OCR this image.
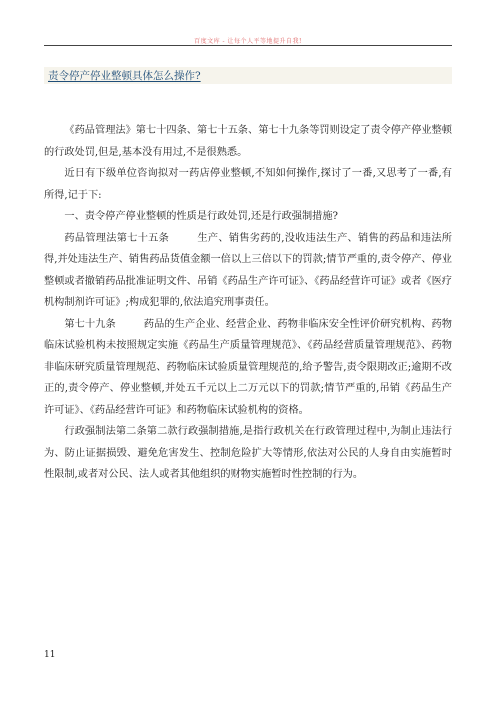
百度文库 - 让每个人平等地提升自我!
责令停产停业整顿具体怎么操作?

《药品管理法》第七十四条、第七十五条、第七十九条等罚则设定了责令停产停业整顿的行政处罚,但是,基本没有用过,不是很熟悉。

近日有下级单位咨询拟对一药店停业整顿,不知如何操作,探讨了一番,又思考了一番,有所得,记于下:

一、责令停产停业整顿的性质是行政处罚,还是行政强制措施?

药品管理法第七十五条	生产、销售劣药的,没收违法生产、销售的药品和违法所得,并处违法生产、销售药品货值金额一倍以上三倍以下的罚款;情节严重的,责令停产、停业整顿或者撤销药品批准证明文件、吊销《药品生产许可证》、《药品经营许可证》或者《医疗机构制剂许可证》;构成犯罪的,依法追究刑事责任。

第七十九条	药品的生产企业、经营企业、药物非临床安全性评价研究机构、药物临床试验机构未按照规定实施《药品生产质量管理规范》、《药品经营质量管理规范》、药物非临床研究质量管理规范、药物临床试验质量管理规范的,给予警告,责令限期改正;逾期不改正的,责令停产、停业整顿,并处五千元以上二万元以下的罚款;情节严重的,吊销《药品生产许可证》、《药品经营许可证》和药物临床试验机构的资格。

行政强制法第二条第二款行政强制措施,是指行政机关在行政管理过程中,为制止违法行为、防止证据损毁、避免危害发生、控制危险扩大等情形,依法对公民的人身自由实施暂时性限制,或者对公民、法人或者其他组织的财物实施暂时性控制的行为。

11
